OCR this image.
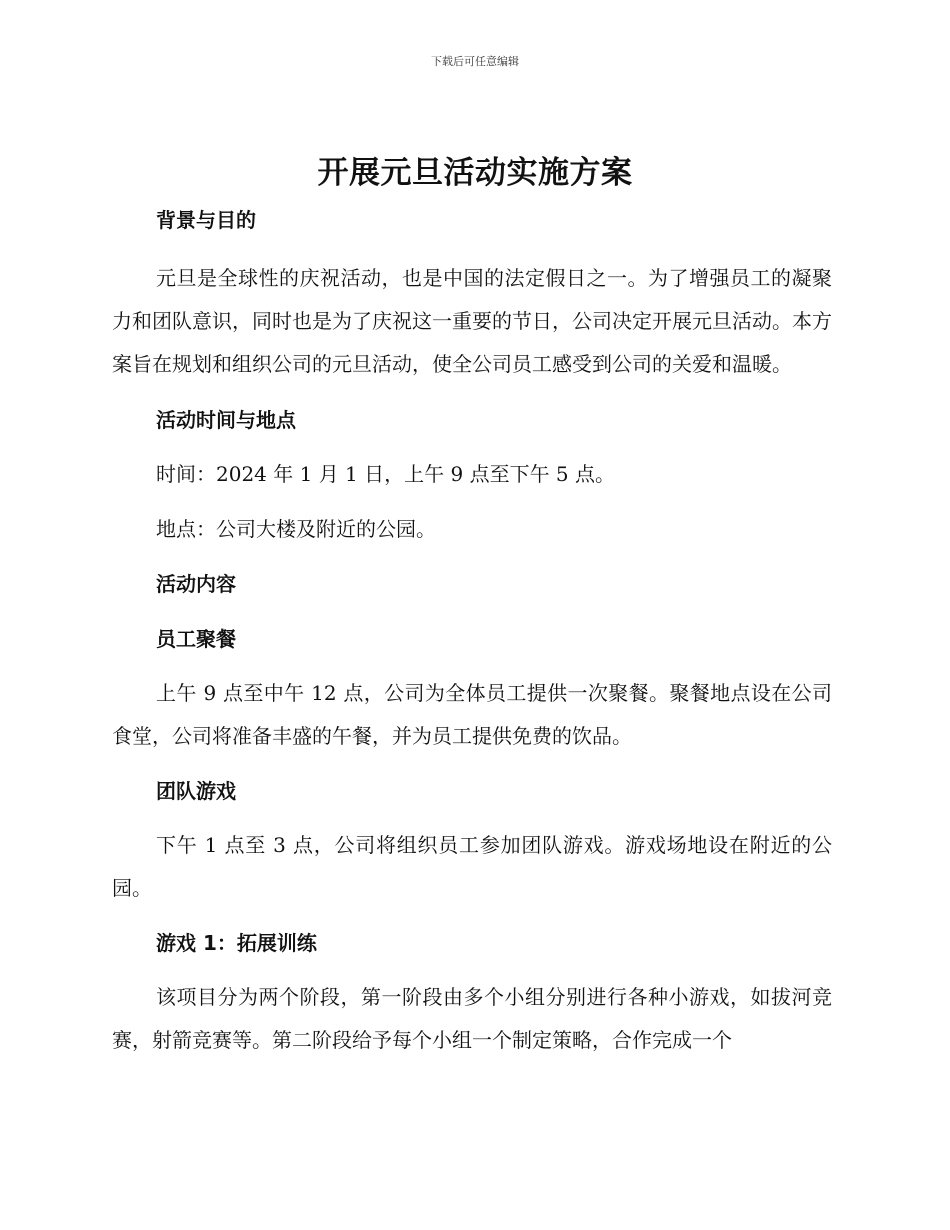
下载后可任意编辑
开展元旦活动实施方案
背景与目的

元旦是全球性的庆祝活动，也是中国的法定假日之一。为了增强员工的凝聚力和团队意识，同时也是为了庆祝这一重要的节日，公司决定开展元旦活动。本方案旨在规划和组织公司的元旦活动，使全公司员工感受到公司的关爱和温暖。

活动时间与地点

时间：2024 年 1 月 1 日，上午 9 点至下午 5 点。

地点：公司大楼及附近的公园。

活动内容
员工聚餐

上午 9 点至中午 12 点，公司为全体员工提供一次聚餐。聚餐地点设在公司食堂，公司将准备丰盛的午餐，并为员工提供免费的饮品。

团队游戏

下午 1 点至 3 点，公司将组织员工参加团队游戏。游戏场地设在附近的公园。

游戏 1：拓展训练

该项目分为两个阶段，第一阶段由多个小组分别进行各种小游戏，如拔河竞赛，射箭竞赛等。第二阶段给予每个小组一个制定策略，合作完成一个
